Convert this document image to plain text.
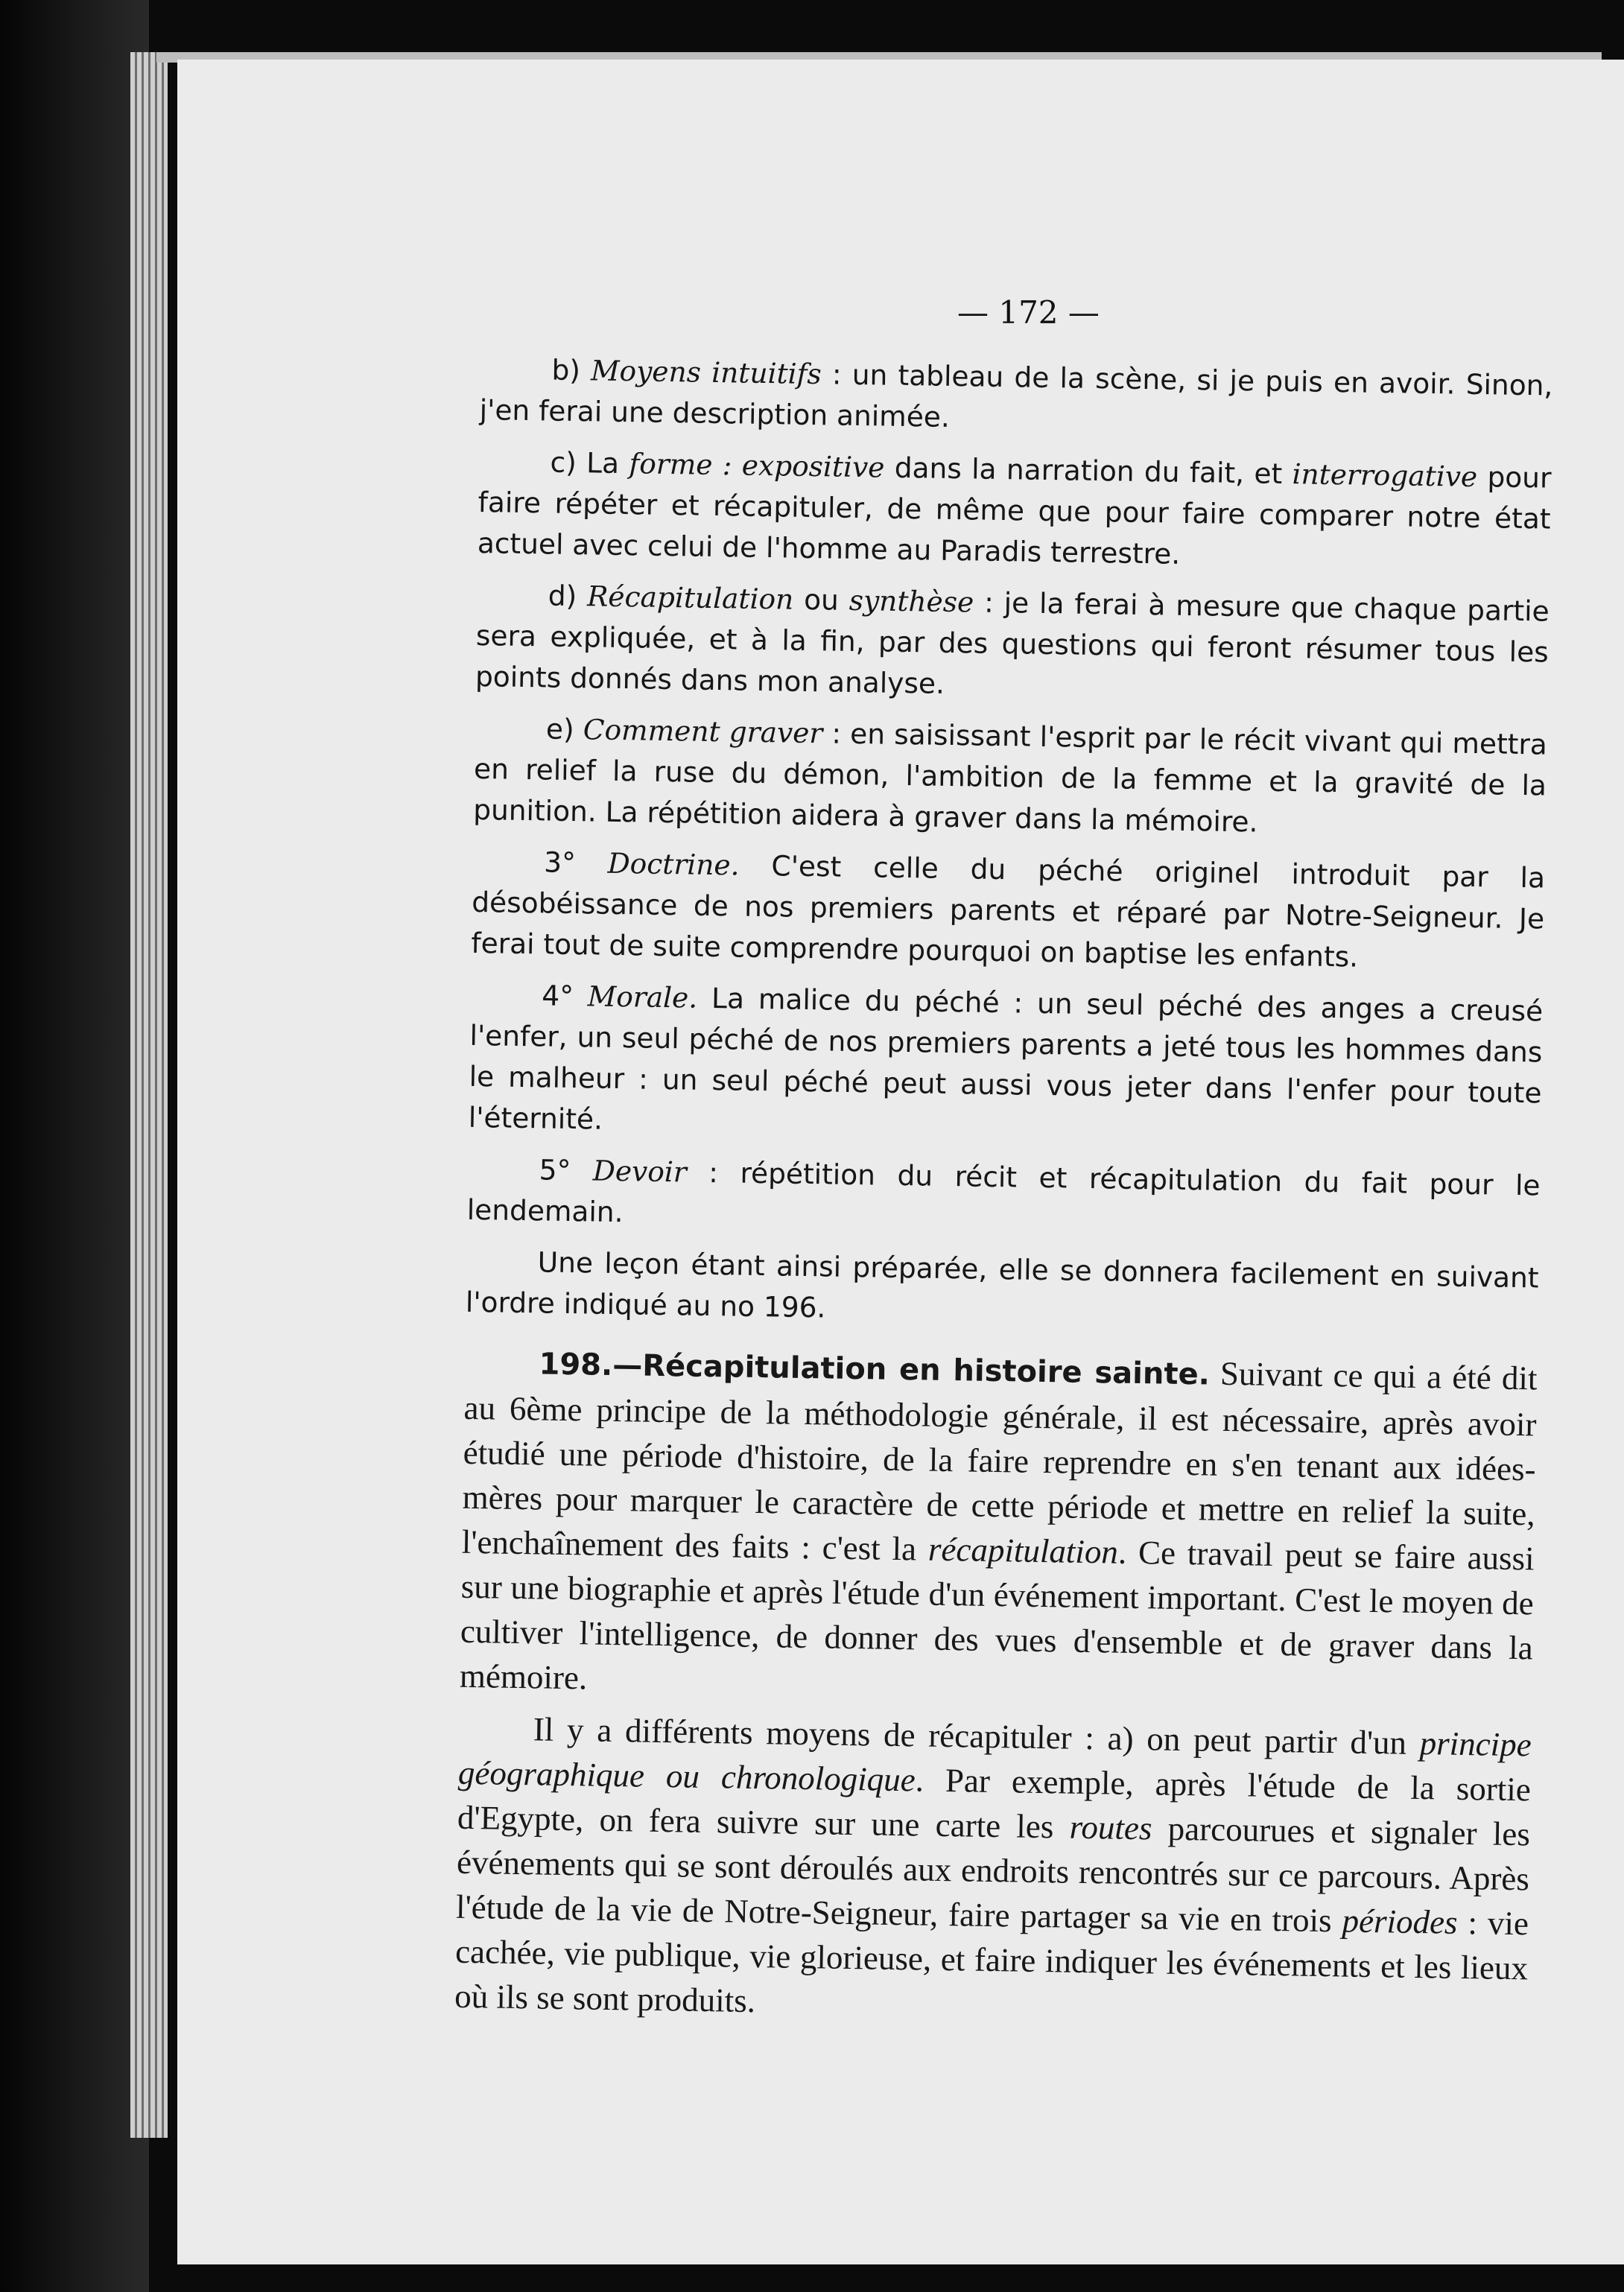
— 172 —

b) Moyens intuitifs : un tableau de la scène, si je puis en avoir. Sinon, j'en ferai une description animée.

c) La forme : expositive dans la narration du fait, et interrogative pour faire répéter et récapituler, de même que pour faire comparer notre état actuel avec celui de l'homme au Paradis terrestre.

d) Récapitulation ou synthèse : je la ferai à mesure que chaque partie sera expliquée, et à la fin, par des questions qui feront résumer tous les points donnés dans mon analyse.

e) Comment graver : en saisissant l'esprit par le récit vivant qui mettra en relief la ruse du démon, l'ambition de la femme et la gravité de la punition. La répétition aidera à graver dans la mémoire.

3° Doctrine. C'est celle du péché originel introduit par la désobéissance de nos premiers parents et réparé par Notre-Seigneur. Je ferai tout de suite comprendre pourquoi on baptise les enfants.

4° Morale. La malice du péché : un seul péché des anges a creusé l'enfer, un seul péché de nos premiers parents a jeté tous les hommes dans le malheur : un seul péché peut aussi vous jeter dans l'enfer pour toute l'éternité.

5° Devoir : répétition du récit et récapitulation du fait pour le lendemain.

Une leçon étant ainsi préparée, elle se donnera facilement en suivant l'ordre indiqué au no 196.

198.—Récapitulation en histoire sainte. Suivant ce qui a été dit au 6ème principe de la méthodologie générale, il est nécessaire, après avoir étudié une période d'histoire, de la faire reprendre en s'en tenant aux idées-mères pour marquer le caractère de cette période et mettre en relief la suite, l'enchaînement des faits : c'est la récapitulation. Ce travail peut se faire aussi sur une biographie et après l'étude d'un événement important. C'est le moyen de cultiver l'intelligence, de donner des vues d'ensemble et de graver dans la mémoire.

Il y a différents moyens de récapituler : a) on peut partir d'un principe géographique ou chronologique. Par exemple, après l'étude de la sortie d'Egypte, on fera suivre sur une carte les routes parcourues et signaler les événements qui se sont déroulés aux endroits rencontrés sur ce parcours. Après l'étude de la vie de Notre-Seigneur, faire partager sa vie en trois périodes : vie cachée, vie publique, vie glorieuse, et faire indiquer les événements et les lieux où ils se sont produits.
